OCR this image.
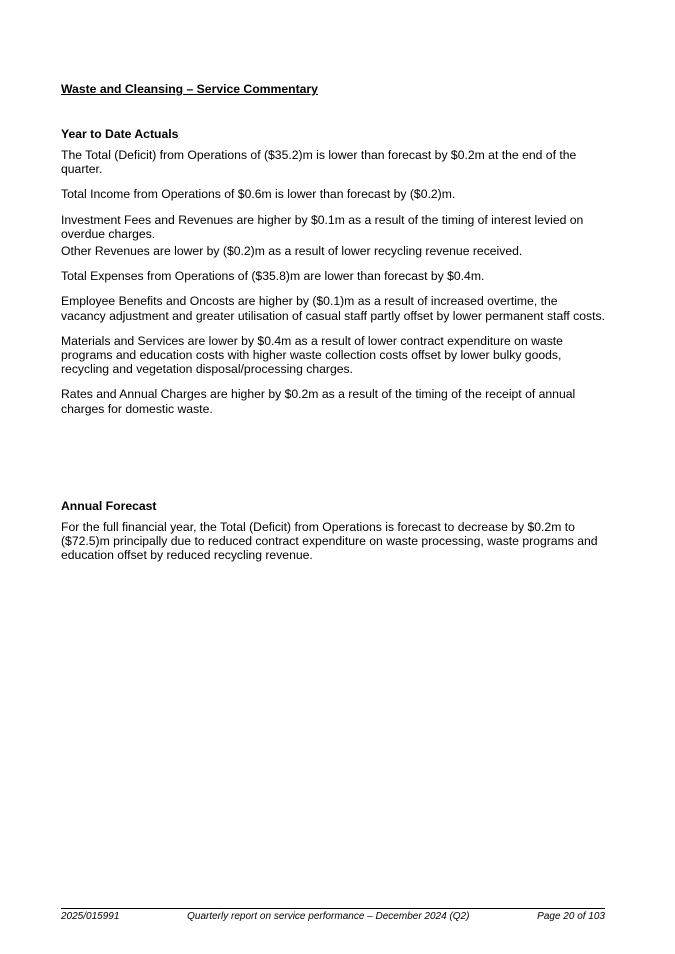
Waste and Cleansing – Service Commentary
Year to Date Actuals

The Total (Deficit) from Operations of ($35.2)m is lower than forecast by $0.2m at the end of the quarter.

Total Income from Operations of $0.6m is lower than forecast by ($0.2)m.

Investment Fees and Revenues are higher by $0.1m as a result of the timing of interest levied on overdue charges.

Other Revenues are lower by ($0.2)m as a result of lower recycling revenue received.

Total Expenses from Operations of ($35.8)m are lower than forecast by $0.4m.

Employee Benefits and Oncosts are higher by ($0.1)m as a result of increased overtime, the vacancy adjustment and greater utilisation of casual staff partly offset by lower permanent staff costs.

Materials and Services are lower by $0.4m as a result of lower contract expenditure on waste programs and education costs with higher waste collection costs offset by lower bulky goods, recycling and vegetation disposal/processing charges.

Rates and Annual Charges are higher by $0.2m as a result of the timing of the receipt of annual charges for domestic waste.

Annual Forecast

For the full financial year, the Total (Deficit) from Operations is forecast to decrease by $0.2m to ($72.5)m principally due to reduced contract expenditure on waste processing, waste programs and education offset by reduced recycling revenue.

2025/015991	Quarterly report on service performance – December 2024 (Q2)	Page 20 of 103
